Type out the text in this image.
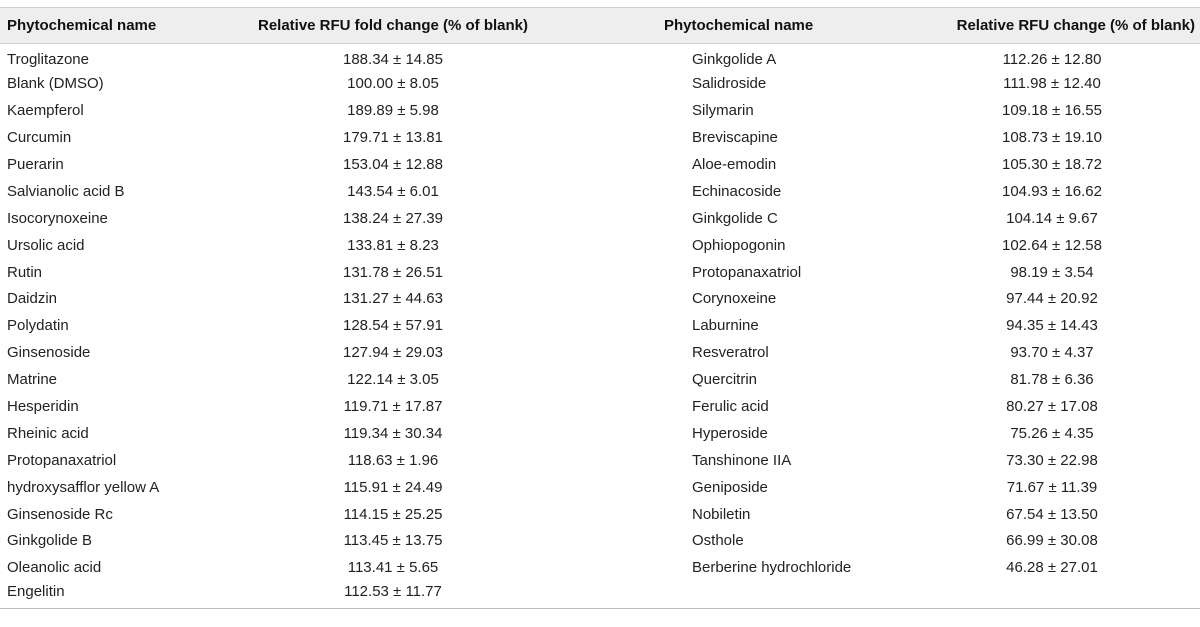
Phytochemical name	Relative RFU fold change (% of blank)		Phytochemical name	Relative RFU change (% of blank)
Troglitazone	188.34 ± 14.85		Ginkgolide A	112.26 ± 12.80
Blank (DMSO)	100.00 ± 8.05		Salidroside	111.98 ± 12.40
Kaempferol	189.89 ± 5.98		Silymarin	109.18 ± 16.55
Curcumin	179.71 ± 13.81		Breviscapine	108.73 ± 19.10
Puerarin	153.04 ± 12.88		Aloe-emodin	105.30 ± 18.72
Salvianolic acid B	143.54 ± 6.01		Echinacoside	104.93 ± 16.62
Isocorynoxeine	138.24 ± 27.39		Ginkgolide C	104.14 ± 9.67
Ursolic acid	133.81 ± 8.23		Ophiopogonin	102.64 ± 12.58
Rutin	131.78 ± 26.51		Protopanaxatriol	98.19 ± 3.54
Daidzin	131.27 ± 44.63		Corynoxeine	97.44 ± 20.92
Polydatin	128.54 ± 57.91		Laburnine	94.35 ± 14.43
Ginsenoside	127.94 ± 29.03		Resveratrol	93.70 ± 4.37
Matrine	122.14 ± 3.05		Quercitrin	81.78 ± 6.36
Hesperidin	119.71 ± 17.87		Ferulic acid	80.27 ± 17.08
Rheinic acid	119.34 ± 30.34		Hyperoside	75.26 ± 4.35
Protopanaxatriol	118.63 ± 1.96		Tanshinone IIA	73.30 ± 22.98
hydroxysafflor yellow A	115.91 ± 24.49		Geniposide	71.67 ± 11.39
Ginsenoside Rc	114.15 ± 25.25		Nobiletin	67.54 ± 13.50
Ginkgolide B	113.45 ± 13.75		Osthole	66.99 ± 30.08
Oleanolic acid	113.41 ± 5.65		Berberine hydrochloride	46.28 ± 27.01
Engelitin	112.53 ± 11.77			
